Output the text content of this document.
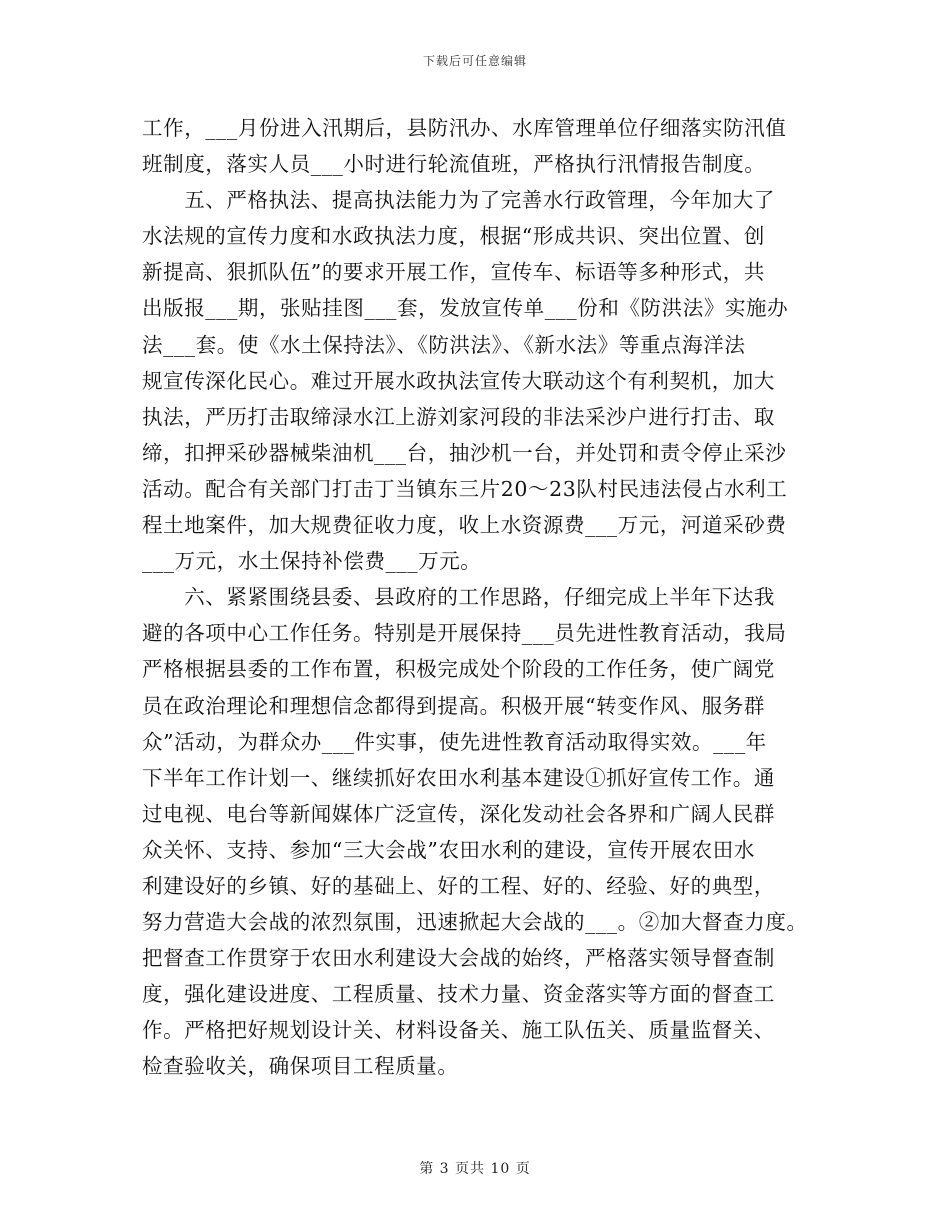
下载后可任意编辑
工作，___月份进入汛期后，县防汛办、水库管理单位仔细落实防汛值
班制度，落实人员___小时进行轮流值班，严格执行汛情报告制度。
　　五、严格执法、提高执法能力为了完善水行政管理，今年加大了
水法规的宣传力度和水政执法力度，根据“形成共识、突出位置、创
新提高、狠抓队伍”的要求开展工作，宣传车、标语等多种形式，共
出版报___期，张贴挂图___套，发放宣传单___份和《防洪法》实施办
法___套。使《水土保持法》、《防洪法》、《新水法》等重点海洋法
规宣传深化民心。难过开展水政执法宣传大联动这个有利契机，加大
执法，严历打击取缔渌水江上游刘家河段的非法采沙户进行打击、取
缔，扣押采砂器械柴油机___台，抽沙机一台，并处罚和责令停止采沙
活动。配合有关部门打击丁当镇东三片20～23队村民违法侵占水利工
程土地案件，加大规费征收力度，收上水资源费___万元，河道采砂费
___万元，水土保持补偿费___万元。
　　六、紧紧围绕县委、县政府的工作思路，仔细完成上半年下达我
避的各项中心工作任务。特别是开展保持___员先进性教育活动，我局
严格根据县委的工作布置，积极完成处个阶段的工作任务，使广阔党
员在政治理论和理想信念都得到提高。积极开展“转变作风、服务群
众”活动，为群众办___件实事，使先进性教育活动取得实效。___年
下半年工作计划一、继续抓好农田水利基本建设①抓好宣传工作。通
过电视、电台等新闻媒体广泛宣传，深化发动社会各界和广阔人民群
众关怀、支持、参加“三大会战”农田水利的建设，宣传开展农田水
利建设好的乡镇、好的基础上、好的工程、好的、经验、好的典型，
努力营造大会战的浓烈氛围，迅速掀起大会战的___。②加大督查力度。
把督查工作贯穿于农田水利建设大会战的始终，严格落实领导督查制
度，强化建设进度、工程质量、技术力量、资金落实等方面的督查工
作。严格把好规划设计关、材料设备关、施工队伍关、质量监督关、
检查验收关，确保项目工程质量。
第 3 页共 10 页
